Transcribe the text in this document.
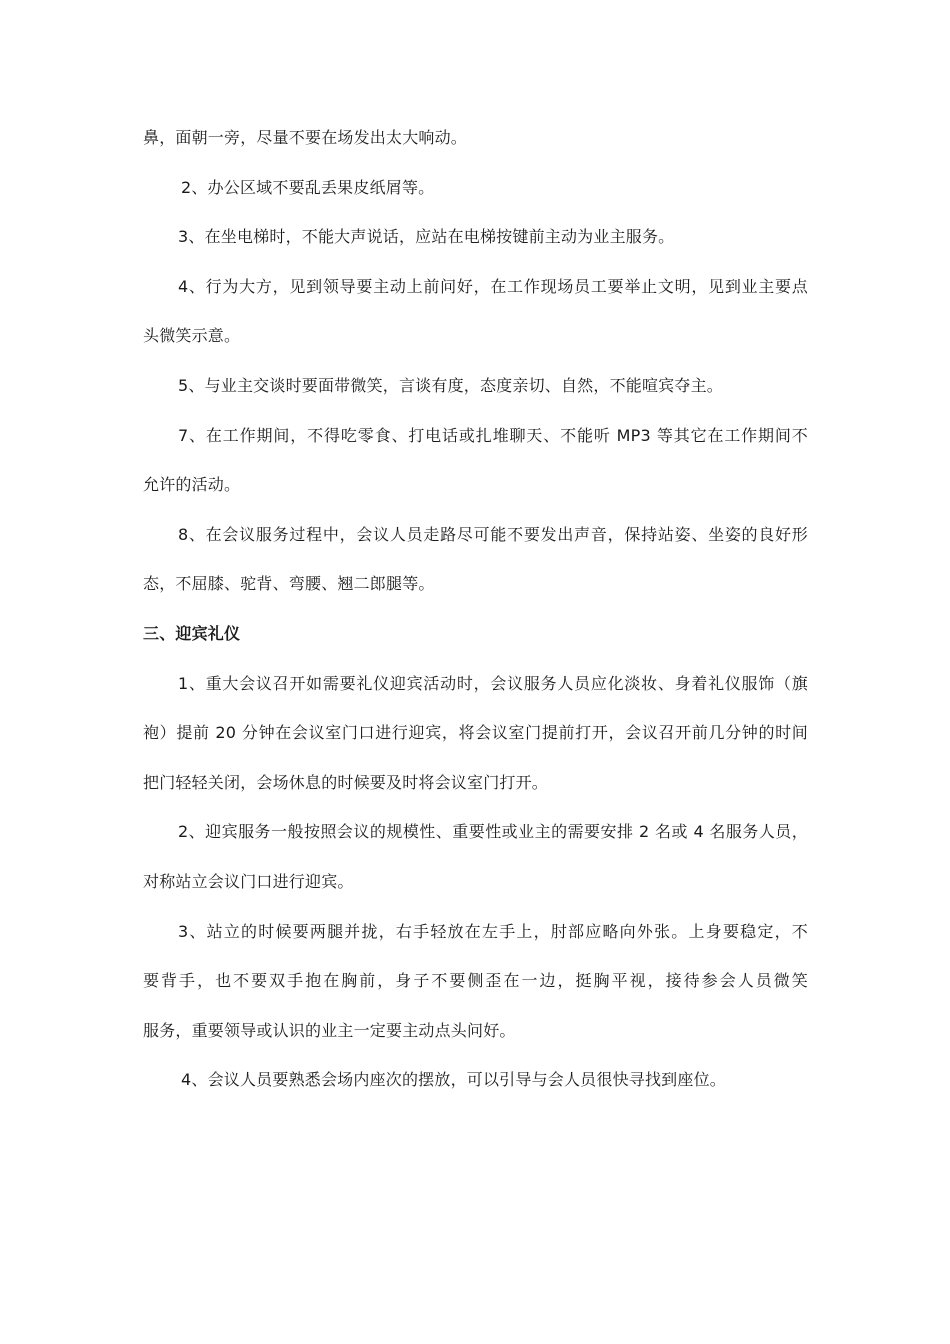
鼻，面朝一旁，尽量不要在场发出太大响动。
2、办公区域不要乱丢果皮纸屑等。
3、在坐电梯时，不能大声说话，应站在电梯按键前主动为业主服务。
4、行为大方，见到领导要主动上前问好，在工作现场员工要举止文明，见到业主要点
头微笑示意。
5、与业主交谈时要面带微笑，言谈有度，态度亲切、自然，不能喧宾夺主。
7、在工作期间，不得吃零食、打电话或扎堆聊天、不能听 MP3 等其它在工作期间不
允许的活动。
8、在会议服务过程中，会议人员走路尽可能不要发出声音，保持站姿、坐姿的良好形
态，不屈膝、驼背、弯腰、翘二郎腿等。
三、迎宾礼仪
1、重大会议召开如需要礼仪迎宾活动时，会议服务人员应化淡妆、身着礼仪服饰（旗
袍）提前 20 分钟在会议室门口进行迎宾，将会议室门提前打开，会议召开前几分钟的时间
把门轻轻关闭，会场休息的时候要及时将会议室门打开。
2、迎宾服务一般按照会议的规模性、重要性或业主的需要安排 2 名或 4 名服务人员，
对称站立会议门口进行迎宾。
3、站立的时候要两腿并拢，右手轻放在左手上，肘部应略向外张。上身要稳定，不
要背手，也不要双手抱在胸前，身子不要侧歪在一边，挺胸平视，接待参会人员微笑
服务，重要领导或认识的业主一定要主动点头问好。
4、会议人员要熟悉会场内座次的摆放，可以引导与会人员很快寻找到座位。
